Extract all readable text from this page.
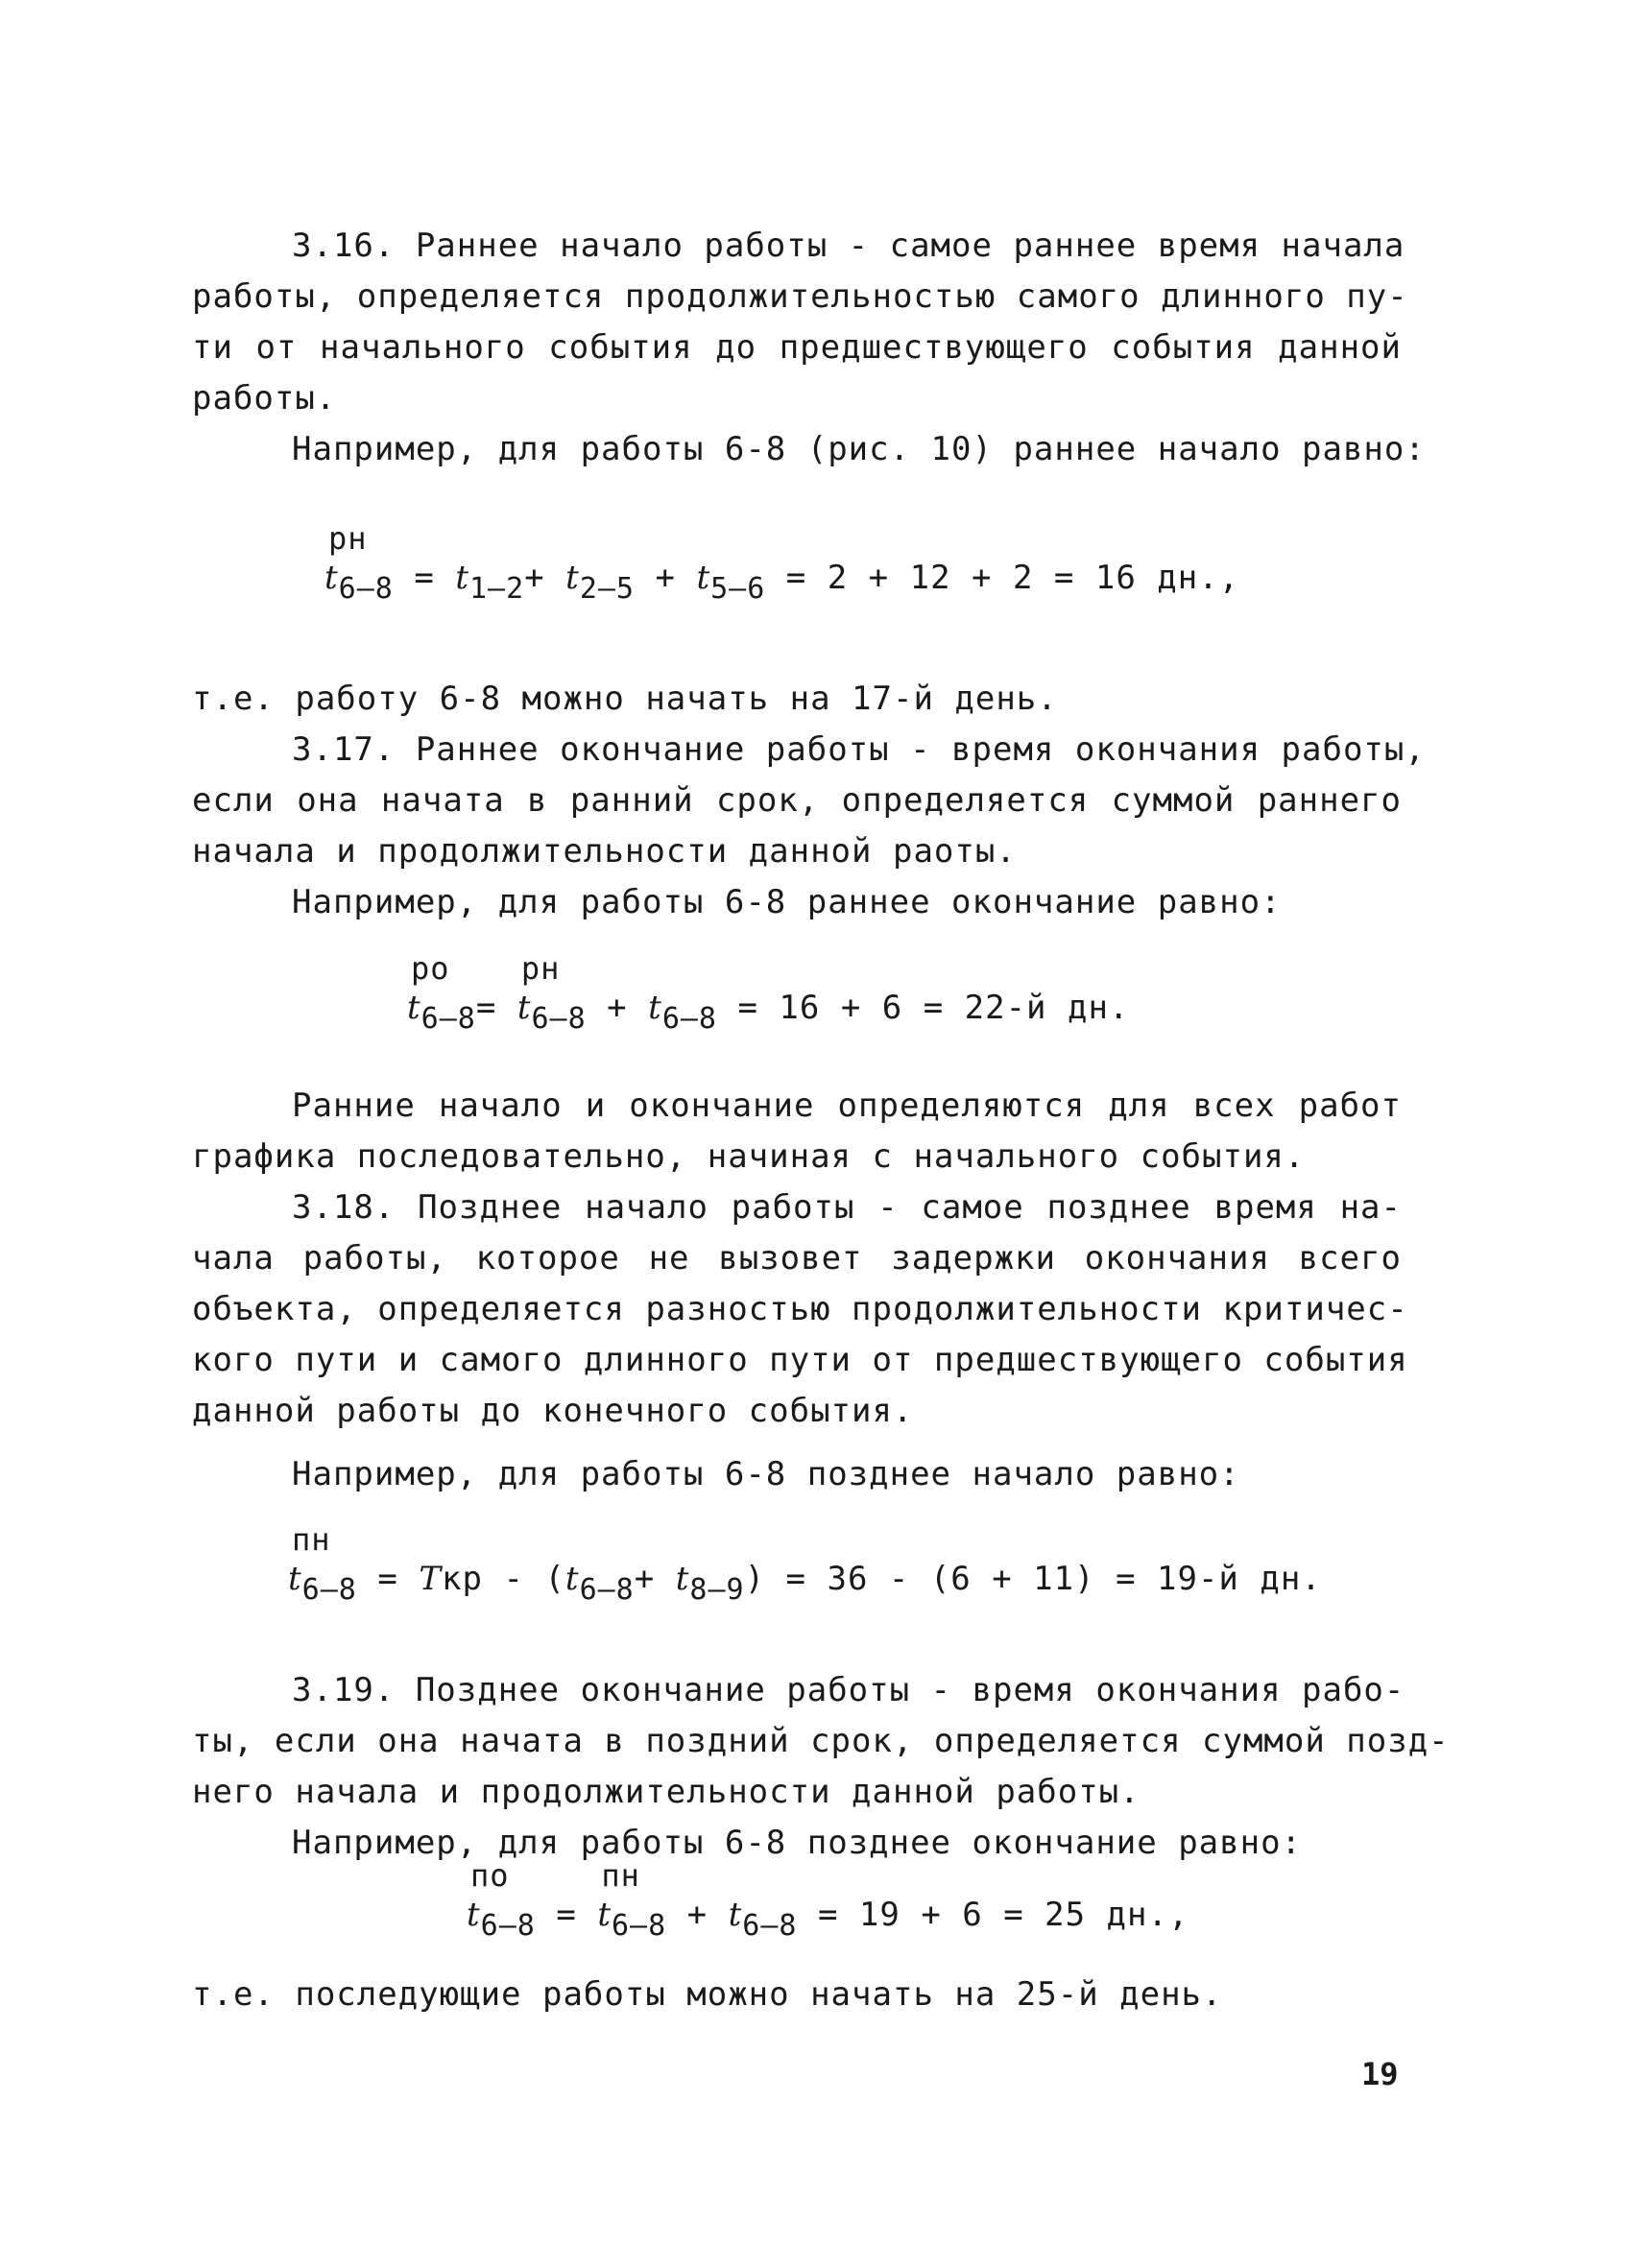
3.16. Раннее начало работы - самое раннее время начала
работы, определяется продолжительностью самого длинного пу-
ти от начального события до предшествующего события данной
работы.
Например, для работы 6-8 (рис. 10) раннее начало равно:
t
рн
6–8 = t1–2+ t2–5 + t5–6 = 2 + 12 + 2 = 16 дн.,
т.е. работу 6-8 можно начать на 17-й день.
3.17. Раннее окончание работы - время окончания работы,
если она начата в ранний срок, определяется суммой раннего
начала и продолжительности данной раоты.
Например, для работы 6-8 раннее окончание равно:
t
ро
6–8= t
рн
6–8 + t6–8 = 16 + 6 = 22-й дн.
Ранние начало и окончание определяются для всех работ
графика последовательно, начиная с начального события.
3.18. Позднее начало работы - самое позднее время на-
чала работы, которое не вызовет задержки окончания всего
объекта, определяется разностью продолжительности критичес-
кого пути и самого длинного пути от предшествующего события
данной работы до конечного события.
Например, для работы 6-8 позднее начало равно:
t
пн
6–8 = Tкр - (t6–8+ t8–9) = 36 - (6 + 11) = 19-й дн.
3.19. Позднее окончание работы - время окончания рабо-
ты, если она начата в поздний срок, определяется суммой позд-
него начала и продолжительности данной работы.
Например, для работы 6-8 позднее окончание равно:
t
по
6–8 = t
пн
6–8 + t6–8 = 19 + 6 = 25 дн.,
т.е. последующие работы можно начать на 25-й день.
19
